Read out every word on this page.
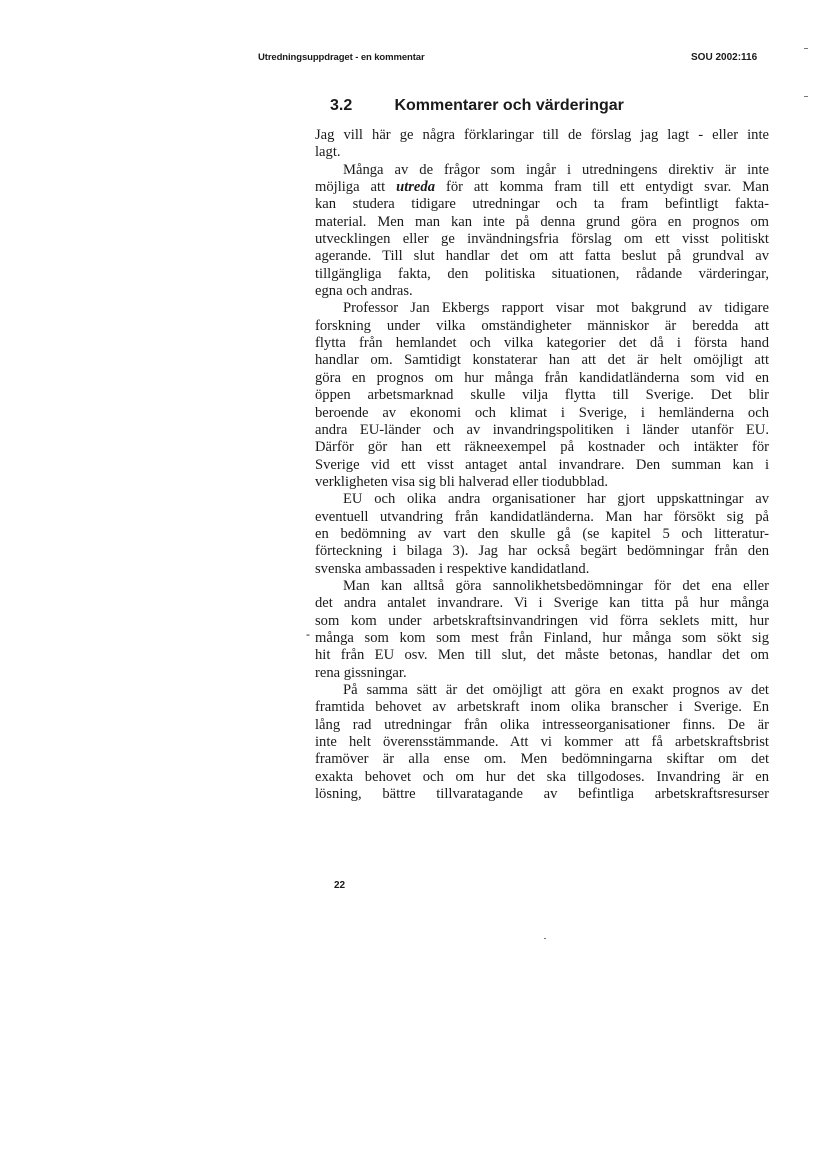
Utredningsuppdraget - en kommentar	SOU 2002:116
3.2	Kommentarer och värderingar
Jag vill här ge några förklaringar till de förslag jag lagt - eller inte
lagt.
Många av de frågor som ingår i utredningens direktiv är inte
möjliga att utreda för att komma fram till ett entydigt svar. Man
kan studera tidigare utredningar och ta fram befintligt fakta-
material. Men man kan inte på denna grund göra en prognos om
utvecklingen eller ge invändningsfria förslag om ett visst politiskt
agerande. Till slut handlar det om att fatta beslut på grundval av
tillgängliga fakta, den politiska situationen, rådande värderingar,
egna och andras.
Professor Jan Ekbergs rapport visar mot bakgrund av tidigare
forskning under vilka omständigheter människor är beredda att
flytta från hemlandet och vilka kategorier det då i första hand
handlar om. Samtidigt konstaterar han att det är helt omöjligt att
göra en prognos om hur många från kandidatländerna som vid en
öppen arbetsmarknad skulle vilja flytta till Sverige. Det blir
beroende av ekonomi och klimat i Sverige, i hemländerna och
andra EU-länder och av invandringspolitiken i länder utanför EU.
Därför gör han ett räkneexempel på kostnader och intäkter för
Sverige vid ett visst antaget antal invandrare. Den summan kan i
verkligheten visa sig bli halverad eller tiodubblad.
EU och olika andra organisationer har gjort uppskattningar av
eventuell utvandring från kandidatländerna. Man har försökt sig på
en bedömning av vart den skulle gå (se kapitel 5 och litteratur-
förteckning i bilaga 3). Jag har också begärt bedömningar från den
svenska ambassaden i respektive kandidatland.
Man kan alltså göra sannolikhetsbedömningar för det ena eller
det andra antalet invandrare. Vi i Sverige kan titta på hur många
som kom under arbetskraftsinvandringen vid förra seklets mitt, hur
många som kom som mest från Finland, hur många som sökt sig
hit från EU osv. Men till slut, det måste betonas, handlar det om
rena gissningar.
På samma sätt är det omöjligt att göra en exakt prognos av det
framtida behovet av arbetskraft inom olika branscher i Sverige. En
lång rad utredningar från olika intresseorganisationer finns. De är
inte helt överensstämmande. Att vi kommer att få arbetskraftsbrist
framöver är alla ense om. Men bedömningarna skiftar om det
exakta behovet och om hur det ska tillgodoses. Invandring är en
lösning, bättre tillvaratagande av befintliga arbetskraftsresurser
-
22
